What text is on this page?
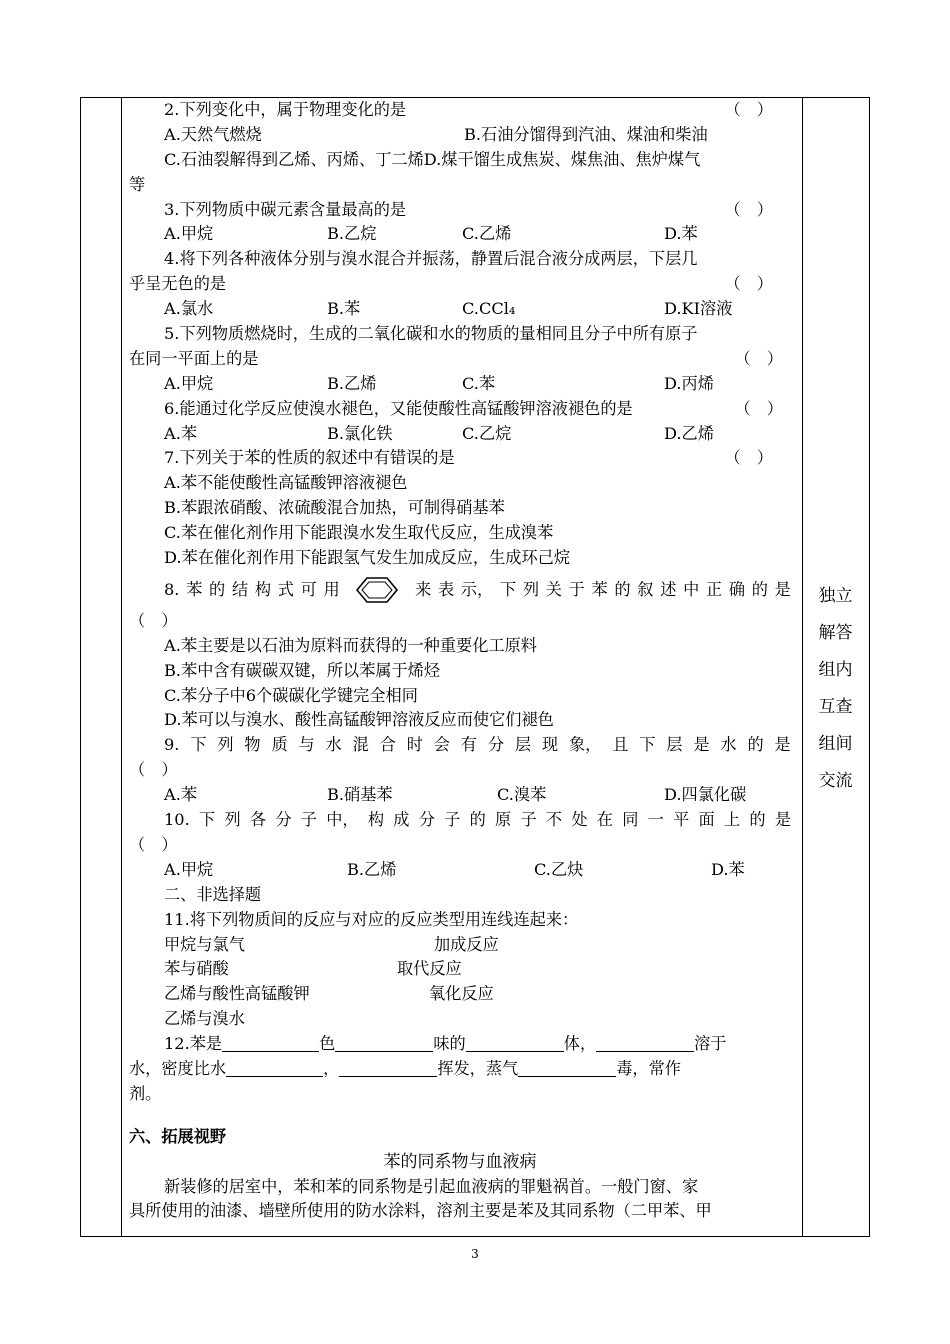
2.下列变化中，属于物理变化的是	（　）
A.天然气燃烧	B.石油分馏得到汽油、煤油和柴油
C.石油裂解得到乙烯、丙烯、丁二烯D.煤干馏生成焦炭、煤焦油、焦炉煤气
等
3.下列物质中碳元素含量最高的是	（　）
A.甲烷	B.乙烷	C.乙烯	D.苯
4.将下列各种液体分别与溴水混合并振荡，静置后混合液分成两层，下层几
乎呈无色的是	（　）
A.氯水	B.苯	C.CCl₄	D.KI溶液
5.下列物质燃烧时，生成的二氧化碳和水的物质的量相同且分子中所有原子
在同一平面上的是	（　）
A.甲烷	B.乙烯	C.苯	D.丙烯
6.能通过化学反应使溴水褪色，又能使酸性高锰酸钾溶液褪色的是	（　）
A.苯	B.氯化铁	C.乙烷	D.乙烯
7.下列关于苯的性质的叙述中有错误的是	（　）
A.苯不能使酸性高锰酸钾溶液褪色
B.苯跟浓硝酸、浓硫酸混合加热，可制得硝基苯
C.苯在催化剂作用下能跟溴水发生取代反应，生成溴苯
D.苯在催化剂作用下能跟氢气发生加成反应，生成环己烷
8. 苯 的 结 构 式 可 用	来 表 示， 下 列 关 于 苯 的 叙 述 中 正 确 的 是
（　）
A.苯主要是以石油为原料而获得的一种重要化工原料
B.苯中含有碳碳双键，所以苯属于烯烃
C.苯分子中6个碳碳化学键完全相同
D.苯可以与溴水、酸性高锰酸钾溶液反应而使它们褪色
9. 下 列 物 质 与 水 混 合 时 会 有 分 层 现 象， 且 下 层 是 水 的 是
（　）
A.苯	B.硝基苯	C.溴苯	D.四氯化碳
10. 下 列 各 分 子 中， 构 成 分 子 的 原 子 不 处 在 同 一 平 面 上 的 是
（　）
A.甲烷	B.乙烯	C.乙炔	D.苯
二、非选择题
11.将下列物质间的反应与对应的反应类型用连线连起来：
甲烷与氯气	加成反应
苯与硝酸	取代反应
乙烯与酸性高锰酸钾	氧化反应
乙烯与溴水
12.苯是	色	味的	体，	溶于
水，密度比水	，	挥发，蒸气	毒，常作
剂。
六、拓展视野
苯的同系物与血液病
新装修的居室中，苯和苯的同系物是引起血液病的罪魁祸首。一般门窗、家
具所使用的油漆、墙壁所使用的防水涂料，溶剂主要是苯及其同系物（二甲苯、甲
独立
解答
组内
互查
组间
交流
3
